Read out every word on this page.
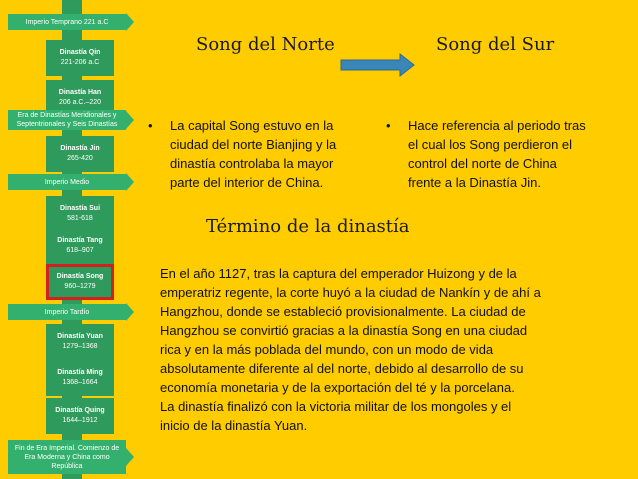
Imperio Temprano 221 a.C
Dinastía Qin
221-206 a.C
Dinastía Han
206 a.C.–220
Era de Dinastías Meridionales y Septentrionales y Seis Dinastías
Dinastía Jin
265-420
Imperio Medio
Dinastía Sui
581-618
Dinastía Tang
618–907
Dinastía Song
960–1279
Imperio Tardío
Dinastía Yuan
1279–1368
Dinastía Ming
1368–1664
Dinastía Quing
1644–1912
Fin de Era Imperial. Comienzo de Era Moderna y China como República
Song del Norte	Song del Sur
•	La capital Song estuvo en la
ciudad del norte Bianjing y la
dinastía controlaba la mayor
parte del interior de China.
•	Hace referencia al periodo tras
el cual los Song perdieron el
control del norte de China
frente a la Dinastía Jin.
Término de la dinastía
En el año 1127, tras la captura del emperador Huizong y de la
emperatriz regente, la corte huyó a la ciudad de Nankín y de ahí a
Hangzhou, donde se estableció provisionalmente. La ciudad de
Hangzhou se convirtió gracias a la dinastía Song en una ciudad
rica y en la más poblada del mundo, con un modo de vida
absolutamente diferente al del norte, debido al desarrollo de su
economía monetaria y de la exportación del té y la porcelana.
La dinastía finalizó con la victoria militar de los mongoles y el
inicio de la dinastía Yuan.
